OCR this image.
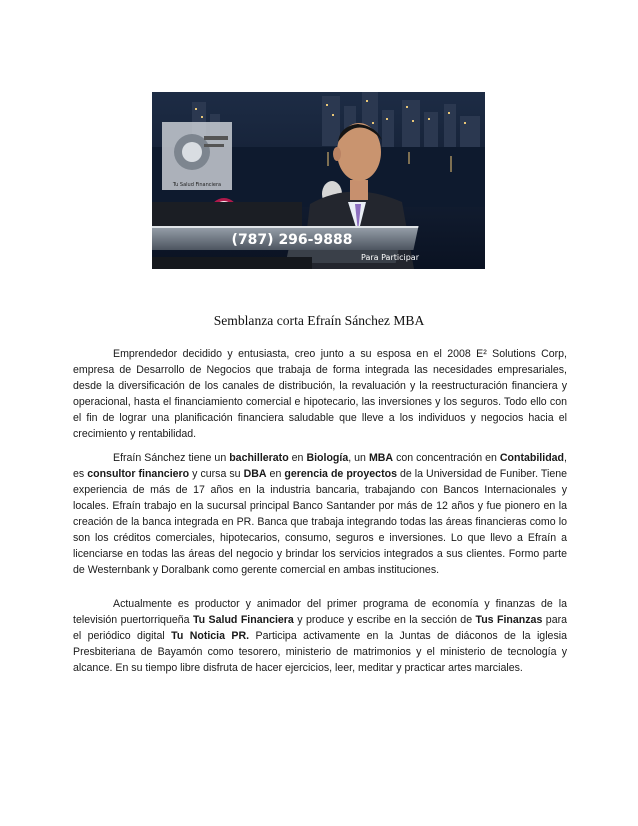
Tu Salud Financiera
(787) 296-9888
Para Participar
Semblanza corta Efraín Sánchez MBA

Emprendedor decidido y entusiasta, creo junto a su esposa en el 2008 E² Solutions Corp, empresa de Desarrollo de Negocios que trabaja de forma integrada las necesidades empresariales, desde la diversificación de los canales de distribución, la revaluación y la reestructuración financiera y operacional, hasta el financiamiento comercial e hipotecario, las inversiones y los seguros. Todo ello con el fin de lograr una planificación financiera saludable que lleve a los individuos y negocios hacia el crecimiento y rentabilidad.

Efraín Sánchez tiene un bachillerato en Biología, un MBA con concentración en Contabilidad, es consultor financiero y cursa su DBA en gerencia de proyectos de la Universidad de Funiber. Tiene experiencia de más de 17 años en la industria bancaria, trabajando con Bancos Internacionales y locales. Efraín trabajo en la sucursal principal Banco Santander por más de 12 años y fue pionero en la creación de la banca integrada en PR. Banca que trabaja integrando todas las áreas financieras como lo son los créditos comerciales, hipotecarios, consumo, seguros e inversiones. Lo que llevo a Efraín a licenciarse en todas las áreas del negocio y brindar los servicios integrados a sus clientes. Formo parte de Westernbank y Doralbank como gerente comercial en ambas instituciones.

Actualmente es productor y animador del primer programa de economía y finanzas de la televisión puertorriqueña Tu Salud Financiera y produce y escribe en la sección de Tus Finanzas para el periódico digital Tu Noticia PR. Participa activamente en la Juntas de diáconos de la iglesia Presbiteriana de Bayamón como tesorero, ministerio de matrimonios y el ministerio de tecnología y alcance. En su tiempo libre disfruta de hacer ejercicios, leer, meditar y practicar artes marciales.
